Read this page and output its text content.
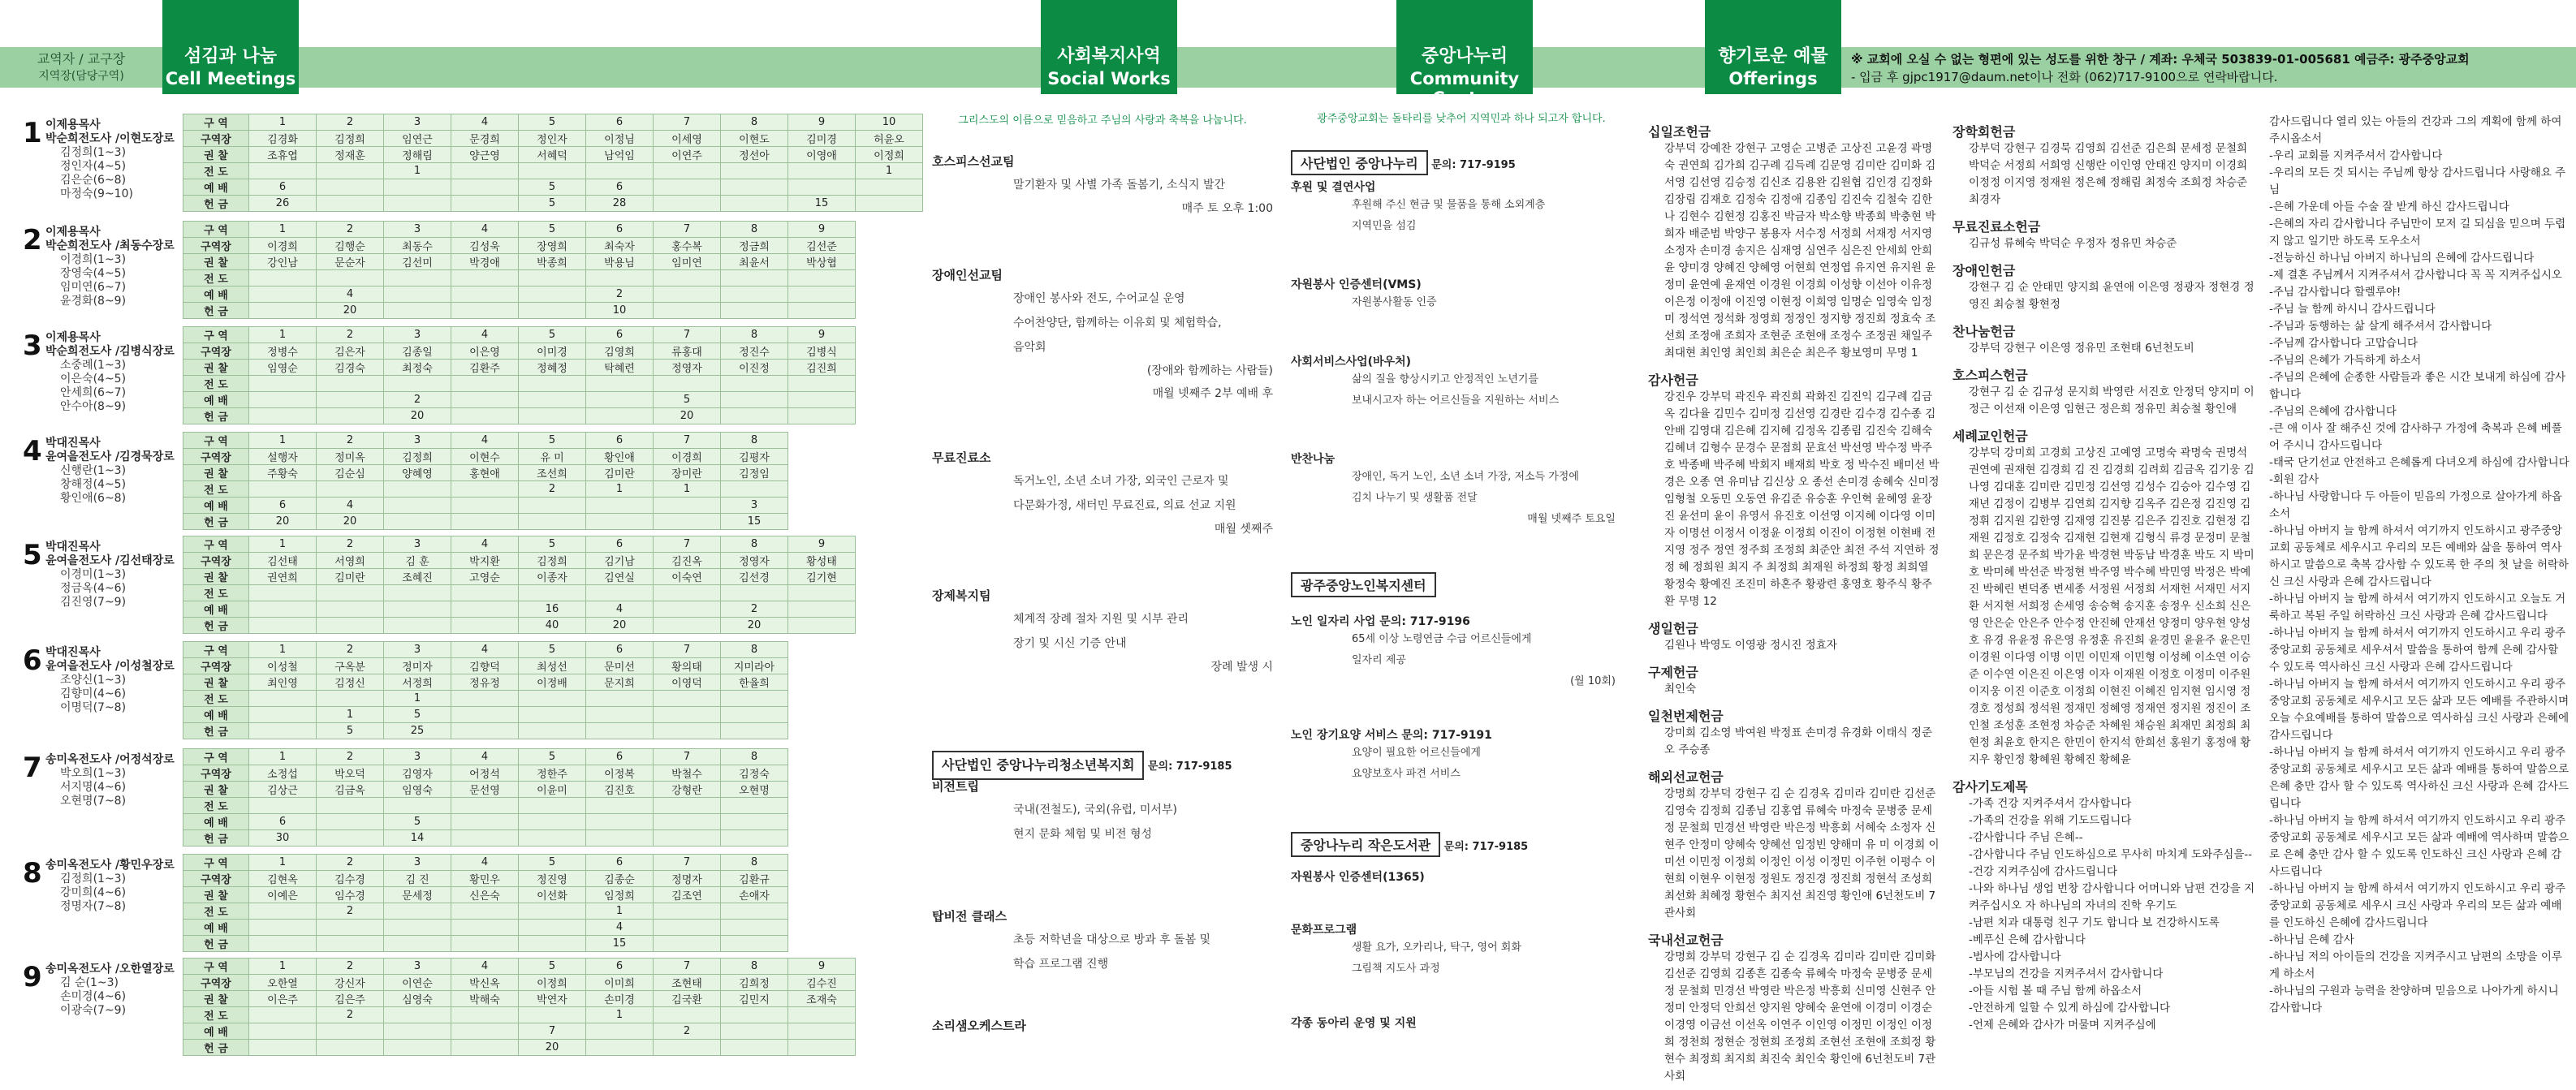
교역자 / 교구장
지역장(담당구역)
섬김과 나눔
Cell Meetings
사회복지사역
Social Works
중앙나누리
Community Center
향기로운 예물
Offerings
※ 교회에 오실 수 없는 형편에 있는 성도를 위한 창구 / 계좌: 우체국 503839-01-005681 예금주: 광주중앙교회
- 입금 후 gjpc1917@daum.net이나 전화 (062)717-9100으로 연락바랍니다.
1 이제용목사
박순희전도사 /이현도장로
김정희(1~3)
정인자(4~5)
김은순(6~8)
마정숙(9~10)
구 역	1	2	3	4	5	6	7	8	9	10
구역장	김경화	김정희	임연근	문경희	정인자	이정님	이세영	이현도	김미경	허윤오
권 찰	조휴엽	정재훈	정해림	양근영	서혜덕	남억임	이연주	정선아	이영애	이정희
전 도			1							1
예 배	6				5	6				
헌 금	26				5	28			15	
2 이제용목사
박순희전도사 /최동수장로
이경희(1~3)
장영숙(4~5)
임미연(6~7)
윤경화(8~9)
구 역	1	2	3	4	5	6	7	8	9
구역장	이경희	김행순	최동수	김성욱	장영희	최숙자	홍수복	정금희	김선준
권 찰	강인남	문순자	김선미	박경애	박종희	박용님	임미연	최윤서	박상협
전 도									
예 배		4				2			
헌 금		20				10			
3 이제용목사
박순희전도사 /김병식장로
소중례(1~3)
이은숙(4~5)
안세희(6~7)
안수아(8~9)
구 역	1	2	3	4	5	6	7	8	9
구역장	정병수	김은자	김종일	이은영	이미경	김영희	류홍대	정진수	김병식
권 찰	임영순	김경숙	최정숙	김환주	정혜정	탁혜련	정영자	이진정	김진희
전 도									
예 배			2				5		
헌 금			20				20		
4 박대진목사
윤여을전도사 /김경묵장로
신행란(1~3)
창해정(4~5)
황인애(6~8)
구 역	1	2	3	4	5	6	7	8
구역장	설행자	정미옥	김정희	이현수	유 미	황인애	이경희	김평자
권 찰	주황숙	김순심	양혜영	홍현애	조선희	김미란	장미란	김정임
전 도					2	1	1	
예 배	6	4						3
헌 금	20	20						15
5 박대진목사
윤여을전도사 /김선태장로
이경미(1~3)
정금옥(4~6)
김진영(7~9)
구 역	1	2	3	4	5	6	7	8	9
구역장	김선태	서영희	김 훈	박지환	김정희	김기남	김진옥	정영자	황성태
권 찰	권연희	김미란	조혜진	고영순	이종자	김연실	이숙연	김선경	김기현
전 도									
예 배					16	4		2	
헌 금					40	20		20	
6 박대진목사
윤여을전도사 /이성철장로
조양신(1~3)
김향미(4~6)
이명덕(7~8)
구 역	1	2	3	4	5	6	7	8
구역장	이성철	구옥분	정미자	김향덕	최성선	문미선	황의태	지미라아
권 찰	최인영	김정신	서정희	정유정	이정배	문지희	이영덕	한율희
전 도			1					
예 배		1	5					
헌 금		5	25					
7 송미옥전도사 /어정석장로
박오희(1~3)
서지명(4~6)
오현명(7~8)
구 역	1	2	3	4	5	6	7	8
구역장	소정섭	박오덕	김영자	어정석	정한주	이정복	박철수	김정숙
권 찰	김상근	김금옥	임영숙	문선영	이윤미	김진호	강형란	오현명
전 도								
예 배	6		5					
헌 금	30		14					
8 송미옥전도사 /황민우장로
김정희(1~3)
강미희(4~6)
정명자(7~8)
구 역	1	2	3	4	5	6	7	8
구역장	김현옥	김수경	김 진	황민우	정진영	김종순	정명자	김환규
권 찰	이예은	임수경	문세정	신은숙	이선화	임정희	김조연	손애자
전 도		2				1		
예 배						4		
헌 금						15		
9 송미옥전도사 /오한열장로
김 순(1~3)
손미경(4~6)
이광숙(7~9)
구 역	1	2	3	4	5	6	7	8	9
구역장	오한열	강신자	이연순	박신옥	이정희	이미희	조현태	김희정	김수진
권 찰	이은주	김은주	심영숙	박해숙	박연자	손미경	김국환	김민지	조재숙
전 도		2				1			
예 배					7		2		
헌 금					20				
그리스도의 이름으로 믿음하고 주님의 사랑과 축복을 나눕니다.
호스피스선교팀
말기환자 및 사별 가족 돌봄기, 소식지 발간
매주 토 오후 1:00
장애인선교팀
장애인 봉사와 전도, 수어교실 운영
수어찬양단, 함께하는 이유회 및 체험학습,
음악회
(장애와 함께하는 사람들)
매월 넷째주 2부 예배 후
무료진료소
독거노인, 소년 소녀 가장, 외국인 근로자 및
다문화가정, 새터민 무료진료, 의료 선교 지원
매월 셋째주
장제복지팀
체계적 장례 절차 지원 및 시부 관리
장기 및 시신 기증 안내
장례 발생 시
사단법인 중앙나누리청소년복지회 문의: 717-9185
비전트립
국내(전철도), 국외(유럽, 미서부)
현지 문화 체험 및 비전 형성
탑비전 클래스
초등 저학년을 대상으로 방과 후 돌봄 및
학습 프로그램 진행
소리샘오케스트라
광주중앙교회는 돌타리를 낮추어 지역민과 하나 되고자 합니다.
사단법인 중앙나누리 문의: 717-9195
후원 및 결연사업
후원해 주신 현금 및 물품을 통해 소외계층
지역민을 섬김
자원봉사 인증센터(VMS)
자원봉사활동 인증
사회서비스사업(바우처)
삶의 질을 향상시키고 안정적인 노년기를
보내시고자 하는 어르신들을 지원하는 서비스
반찬나눔
장애인, 독거 노인, 소년 소녀 가장, 저소득 가정에
김치 나누기 및 생활품 전달
매월 넷째주 토요일
광주중앙노인복지센터
노인 일자리 사업 문의: 717-9196
65세 이상 노령연금 수급 어르신들에게
일자리 제공
(월 10회)
노인 장기요양 서비스 문의: 717-9191
요양이 필요한 어르신들에게
요양보호사 파견 서비스
중앙나누리 작은도서관 문의: 717-9185
자원봉사 인증센터(1365)
문화프로그램
생활 요가, 오카리나, 탁구, 영어 회화
그림책 지도사 과정
각종 동아리 운영 및 지원
십일조헌금
강부덕 강예찬 강현구 고영순 고병준 고상진 고윤경 곽명숙 권연희 김가희 김구례 김득례 김문영 김미란 김미화 김서영 김선영 김승정 김신조 김용완 김원협 김인경 김정화 김장림 김재호 김정숙 김정애 김종임 김진숙 김철숙 김한나 김현수 김현정 김홍진 박금자 박소향 박종희 박충현 박희자 배준범 박양구 봉용자 서수정 서정희 서재정 서지영 소정자 손미경 송지은 심재영 심연주 심은진 안세희 안희윤 양미경 양혜진 양혜영 어현희 연정엽 유지연 유지원 윤정미 윤연예 윤재연 이경원 이경희 이성향 이선아 이유정 이은정 이정애 이진영 이현정 이희영 임명순 임영숙 임정미 정석연 정석화 정영희 정정인 정지향 정진희 정효숙 조선희 조정애 조희자 조현준 조현애 조정수 조정권 채일주 최대현 최인영 최인희 최은순 최은주 황보영미 무명 1
감사헌금
강진우 강부덕 곽진우 곽진희 곽화진 김진익 김구례 김금옥 김다율 김민수 김미정 김선영 김경란 김수경 김수종 김안배 김영대 김은혜 김지혜 김정옥 김종림 김진숙 김해숙 김혜녀 김형수 문경수 문점희 문효선 박선영 박수정 박주호 박종배 박주혜 박회지 배재희 박호 정 박수진 배미선 박경은 오종 연 유미남 김신상 오 종선 손미경 송혜숙 신미정 임형철 오동민 오동연 유김준 유승훈 우인혁 윤혜영 윤장 진 윤선미 윤이 유영서 유진호 이선영 이지혜 이다영 이미자 이명선 이정서 이정윤 이정희 이진이 이정현 이현배 전지영 정주 정연 정주희 조정희 최준안 최전 주석 지연하 정정 혜 정희원 최지 주 최정희 최재원 하정희 황정 최희열 황정숙 황예진 조진미 하혼주 황광련 홍영호 황주식 황주환 무명 12
생일헌금
김원나 박영도 이영광 정시진 정효자
구제헌금
최인숙
일천번제헌금
강미희 김소영 박여원 박정표 손미경 유경화 이태식 정준오 주승종
해외선교헌금
강명희 강부덕 강현구 김 순 김경옥 김미라 김미란 김선준 김영숙 김정희 김종님 김홍엽 류혜숙 마정숙 문병중 문세정 문철희 민경선 박영란 박은정 박흥회 서혜숙 소정자 신현주 안정미 양혜숙 양혜선 임정빈 양해미 유 미 이경희 이미선 이민정 이정희 이정인 이성 이정민 이주헌 이평수 이현희 이현우 이현정 정원도 정진경 정진희 정현석 조성희 최선화 최혜정 황현수 최지선 최진영 황인애 6넌천도비 7관사회
국내선교헌금
강명희 강부덕 강현구 김 순 김경옥 김미라 김미란 김미화 김선준 김영희 김종흔 김종숙 류혜숙 마정숙 문병중 문세정 문철희 민경선 박영란 박은정 박흥회 신미영 신현주 안정미 안정덕 안희선 양지원 양혜숙 윤연애 이경미 이경순 이경영 이금선 이선옥 이연주 이인영 이정민 이정인 이정희 정천희 정현순 정현희 조정희 조현선 조현애 조희정 황현수 최정희 최지희 최진숙 최인숙 황인애 6넌천도비 7관사회
장학회헌금
강부덕 강현구 김경묵 김영희 김선준 김은희 문세정 문철희 박덕순 서정희 서희영 신행란 이인영 안태진 양지미 이경희 이정정 이지영 정재원 정은혜 정해림 최정숙 조희정 차승준 최경자
무료진료소헌금
김규성 류혜숙 박덕순 우정자 정유민 차승준
장애인헌금
강현구 김 순 안태민 양지희 윤연애 이은영 정광자 정현경 정영진 최승철 황현정
찬나눔헌금
강부덕 강현구 이은영 정유민 조현태 6넌천도비
호스피스헌금
강현구 김 순 김규성 문지희 박영란 서진호 안정덕 양지미 이정근 이선재 이은영 임현근 정은희 정유민 최승철 황인애
세례교인헌금
강부덕 강미희 고경희 고상진 고예영 고명숙 곽명숙 권명석 권연예 권재현 김경희 김 진 김경희 김려희 김금옥 김기웅 김나영 김대훈 김미란 김민정 김선영 김성수 김승아 김수영 김재년 김정이 김병부 김연희 김지향 김옥주 김은정 김진영 김정휘 김지원 김한영 김재영 김진봉 김은주 김진호 김현정 김재원 김정호 김정숙 김재현 김현재 김형식 류경 문정미 문철희 문은경 문주희 박가윤 박경현 박동남 박경훈 박도 지 박미호 박미혜 박선준 박정현 박주영 박수혜 박민영 박정은 박예진 박혜린 변덕종 변세종 서정원 서정희 서재헌 서재민 서지환 서지현 서희정 손세영 송승혁 송지훈 송정우 신소희 신은영 안은순 안은주 안수정 안진혜 안재선 양정미 양우현 양성호 유경 유윤정 유은영 유정훈 유진희 윤경민 윤윤주 윤은민 이경원 이다영 이명 이민 이민재 이민형 이성혜 이소연 이승준 이수연 이은진 이은영 이자 이재원 이정호 이정미 이주원 이지웅 이진 이준호 이정희 이현진 이혜진 임지현 임시영 정경호 정성희 정석원 정재민 정혜영 정재연 정지원 정진이 조인철 조성훈 조현정 차승준 차혜원 채승원 최재민 최정희 최현정 최윤호 한지은 한민이 한지석 한희선 홍원기 홍정애 황지우 황인정 황혜원 황혜진 황혜윤
감사기도제목
-가족 건강 지켜주셔서 감사합니다
-가족의 건강을 위해 기도드립니다
-감사합니다 주님 은혜--
-감사합니다 주님 인도하심으로 무사히 마치게 도와주심을--
-건강 지켜주심에 감사드립니다
-나와 하나님 생업 번창 감사합니다 어머니와 남편 건강을 지켜주십시오 자 하나님의 자녀의 진학 우기도
-남편 치과 대통령 친구 기도 합니다 보 건강하시도록
-베푸신 은혜 감사합니다
-범사에 감사합니다
-부모님의 건강을 지켜주셔서 감사합니다
-아들 시험 볼 때 주님 함께 하옵소서
-안전하게 일할 수 있게 하심에 감사합니다
-언제 은혜와 감사가 머물며 지켜주심에
감사드립니다 열리 있는 아들의 건강과 그의 계획에 함께 하여 주시옵소서
-우리 교회를 지켜주셔서 감사합니다
-우리의 모든 것 되시는 주님께 항상 감사드립니다 사랑해요 주님
-은혜 가운데 아들 수술 잘 받게 하신 감사드립니다
-은혜의 자리 감사합니다 주님만이 모저 길 되심을 믿으며 두렵지 않고 일기만 하도록 도우소서
-전능하신 하나님 아버지 하나님의 은혜에 감사드립니다
-제 결혼 주님께서 지켜주셔서 감사합니다 꼭 꼭 지켜주십시오
-주님 감사합니다 할렐루야!
-주님 늘 함께 하시니 감사드립니다
-주님과 동행하는 삶 살게 해주셔서 감사합니다
-주님께 감사합니다 고맙습니다
-주님의 은혜가 가득하게 하소서
-주님의 은혜에 순종한 사람들과 좋은 시간 보내게 하심에 감사합니다
-주님의 은혜에 감사합니다
-큰 애 이사 잘 해주신 것에 감사하구 가정에 축복과 은혜 베풀어 주시니 감사드립니다
-태국 단기선교 안전하고 은혜롭게 다녀오게 하심에 감사합니다
-회원 감사
-하나님 사랑합니다 두 아들이 믿음의 가정으로 살아가게 하옵소서
-하나님 아버지 늘 함께 하셔서 여기까지 인도하시고 광주중앙교회 공동체로 세우시고 우리의 모든 예배와 삶을 통하여 역사하시고 말씀으로 축복 감사함 수 있도록 한 주의 첫 날을 허락하신 크신 사랑과 은혜 감사드립니다
-하나님 아버지 늘 함께 하셔서 여기까지 인도하시고 오늘도 거룩하고 복된 주일 허락하신 크신 사랑과 은혜 감사드립니다
-하나님 아버지 늘 함께 하셔서 여기까지 인도하시고 우리 광주중앙교회 공동체로 세우셔서 말씀을 통하여 함께 은혜 감사할 수 있도록 역사하신 크신 사랑과 은혜 감사드립니다
-하나님 아버지 늘 함께 하셔서 여기까지 인도하시고 우리 광주중앙교회 공동체로 세우시고 모든 삶과 모든 예배를 주관하시며 오늘 수요예배를 통하여 말씀으로 역사하심 크신 사랑과 은혜에 감사드립니다
-하나님 아버지 늘 함께 하셔서 여기까지 인도하시고 우리 광주중앙교회 공동체로 세우시고 모든 삶과 예배를 통하여 말씀으로 은혜 충만 감사 할 수 있도록 역사하신 크신 사랑과 은혜 감사드립니다
-하나님 아버지 늘 함께 하셔서 여기까지 인도하시고 우리 광주중앙교회 공동체로 세우시고 모든 삶과 예배에 역사하며 말씀으로 은혜 충만 감사 할 수 있도록 인도하신 크신 사랑과 은혜 감사드립니다
-하나님 아버지 늘 함께 하셔서 여기까지 인도하시고 우리 광주중앙교회 공동체로 세우시 크신 사랑과 우리의 모든 삶과 예배를 인도하신 은혜에 감사드립니다
-하나님 은혜 감사
-하나님 저의 아이들의 건강을 지켜주시고 남편의 소망을 이루게 하소서
-하나님의 구원과 능력을 찬양하며 믿음으로 나아가게 하시니 감사합니다
